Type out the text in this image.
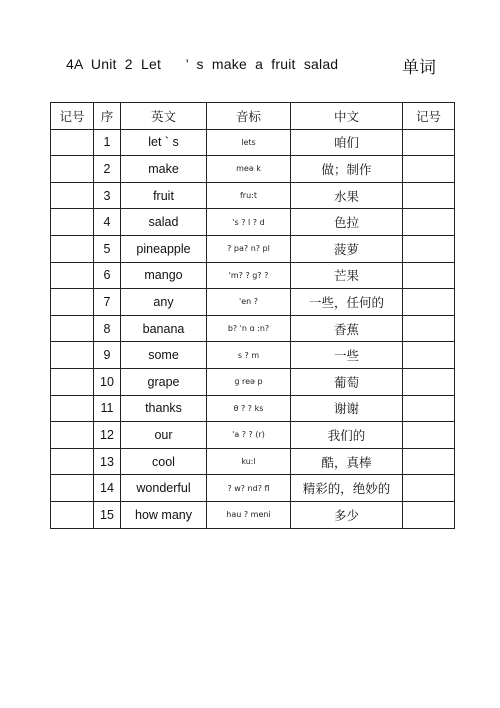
4A  Unit  2  Let      ’  s  make  a  fruit  salad	单词
记号	序	英文	音标	中文	记号
	1	let ` s	lets	咱们	
	2	make	meə k	做；制作	
	3	fruit	fru:t	水果	
	4	salad	's ? l ? d	色拉	
	5	pineapple	? pa? n? pl	菠萝	
	6	mango	'm? ? g? ?	芒果	
	7	any	'en ?	一些，任何的	
	8	banana	b? 'n ɑ :n?	香蕉	
	9	some	s ? m	一些	
	10	grape	ɡ reə p	葡萄	
	11	thanks	θ ? ? ks	谢谢	
	12	our	'a ? ? (r)	我们的	
	13	cool	ku:l	酷，真棒	
	14	wonderful	? w? nd? fl	精彩的，绝妙的	
	15	how many	hau ? meni	多少	
